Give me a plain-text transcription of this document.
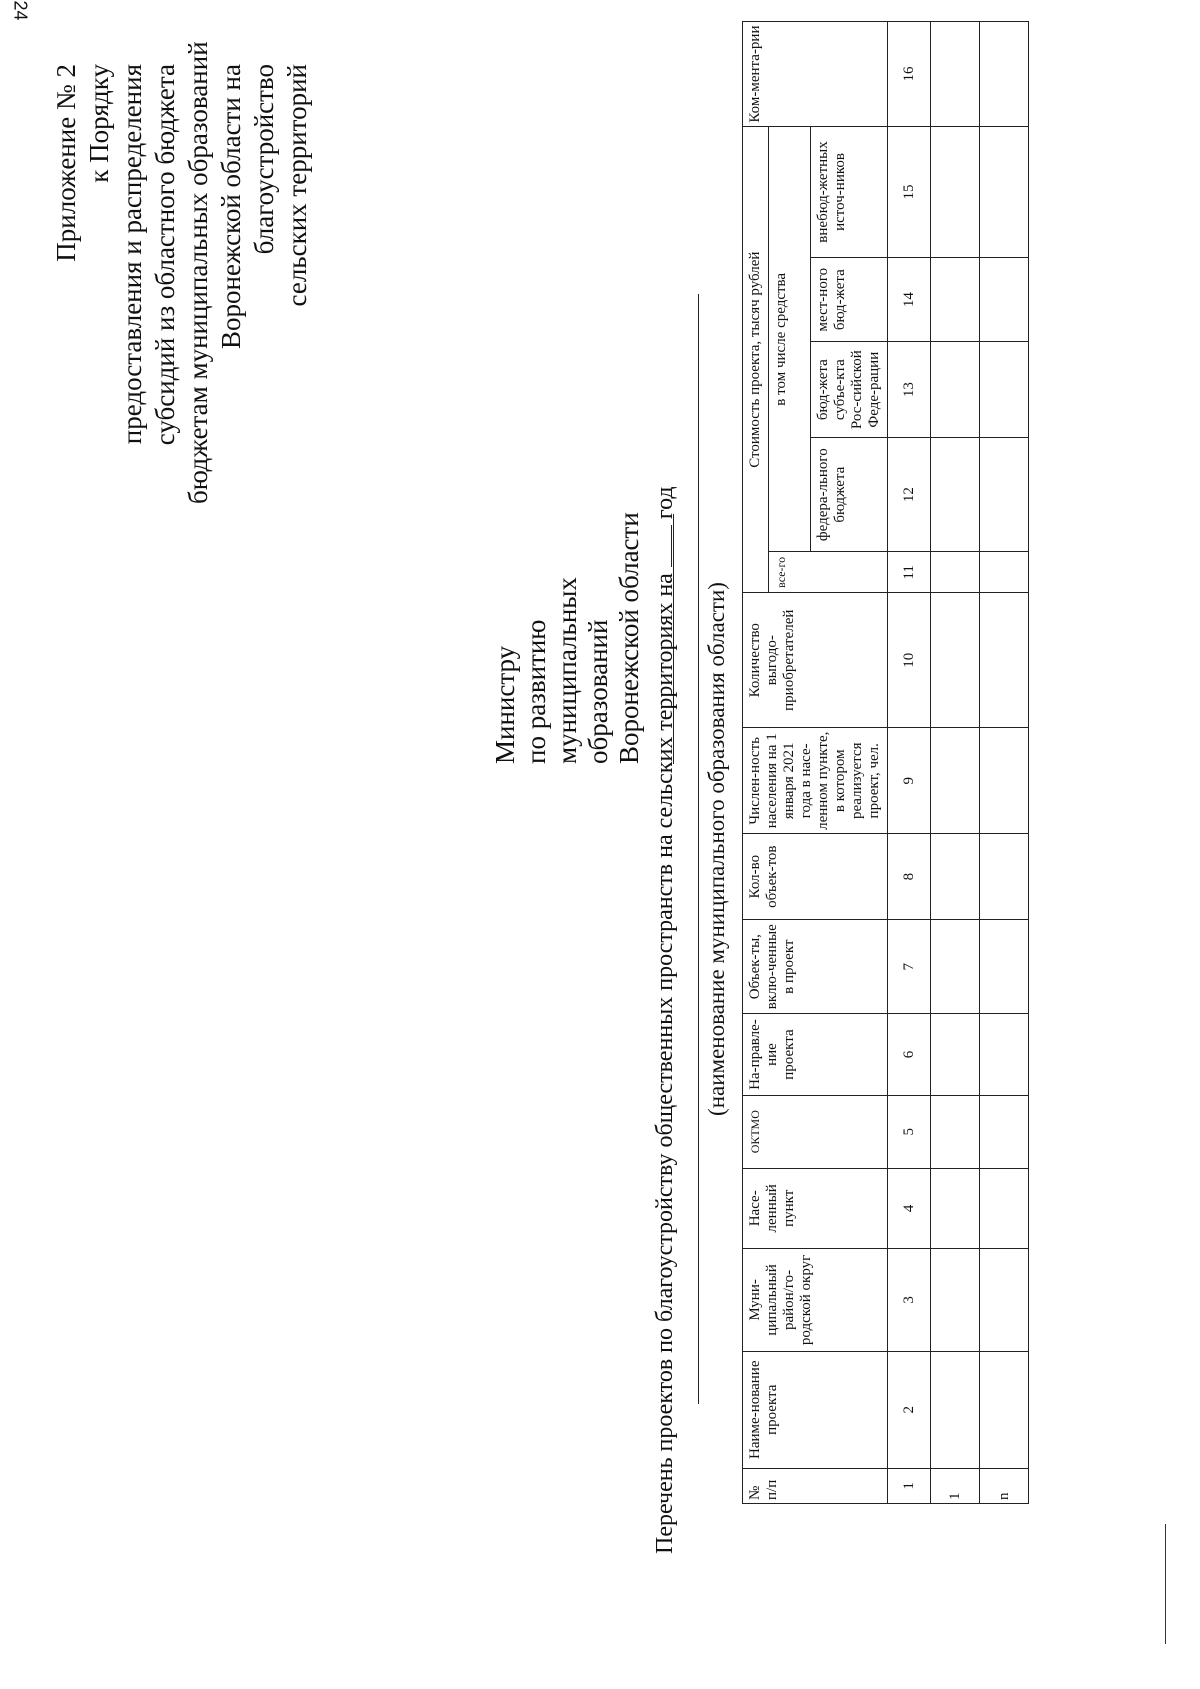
24
Приложение № 2 к Порядку предоставления и распределения субсидий из областного бюджета бюджетам муниципальных образований Воронежской области на благоустройство сельских территорий
Министру по развитию муниципальных образований Воронежской области Перечень проектов по благоустройству общественных пространств на сельских территориях на  год
(наименование муниципального образования области)
№ п/п	Наиме-нование проекта	Муни-ципальный район/го-родской округ	Насе-ленный пункт	ОКТМО	На-правле-ние проекта	Объек-ты, вклю-ченные в проект	Кол-во объек-тов	Числен-ность населения на 1 января 2021 года в насе-ленном пункте, в котором реализуется проект, чел.	Количество выгодо-приобретателей	Стоимость проекта, тысяч рублей					Ком-мента-рии
										все-го	в том числе средства				
											федера-льного бюджета	бюд-жета субъе-кта Рос-сийской Феде-рации	мест-ного бюд-жета	внебюд-жетных источ-ников	
1	2	3	4	5	6	7	8	9	10	11	12	13	14	15	16
1															
n															
